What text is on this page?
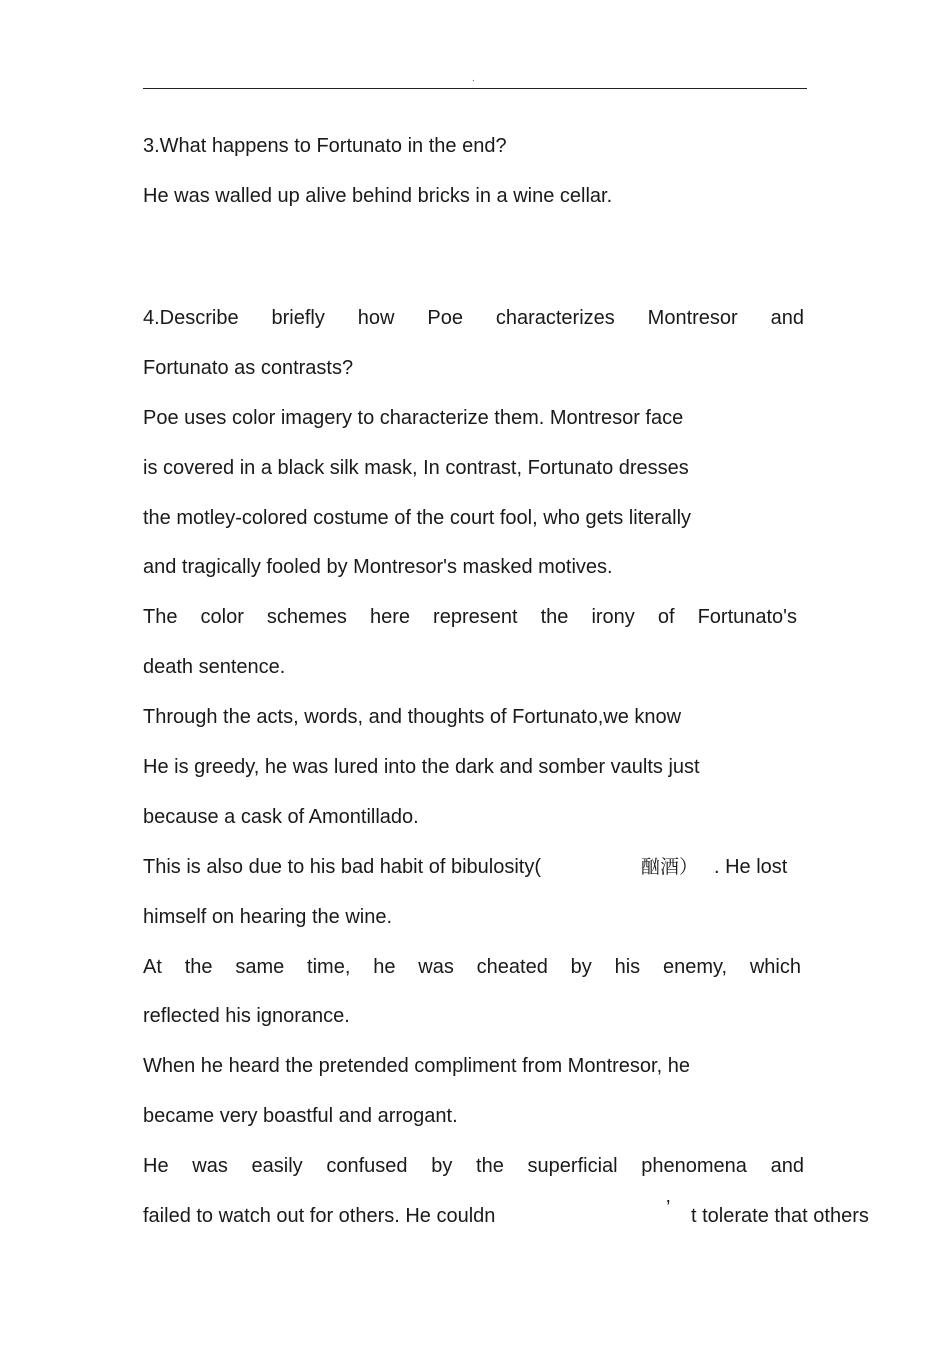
.

3.What happens to Fortunato in the end?

He was walled up alive behind bricks in a wine cellar.

4.Describe briefly how Poe characterizes Montresor and

Fortunato as contrasts?

Poe uses color imagery to characterize them. Montresor face

is covered in a black silk mask, In contrast, Fortunato dresses

the motley-colored costume of the court fool, who gets literally

and tragically fooled by Montresor's masked motives.

The color schemes here represent the irony of Fortunato's

death sentence.

Through the acts, words, and thoughts of Fortunato,we know

He is greedy, he was lured into the dark and somber vaults just

because a cask of Amontillado.

This is also due to his bad habit of bibulosity(	酗酒） . He lost

himself on hearing the wine.

At the same time, he was cheated by his enemy, which

reflected his ignorance.

When he heard the pretended compliment from Montresor, he

became very boastful and arrogant.

He was easily confused by the superficial phenomena and

failed to watch out for others. He couldn	’ t tolerate that others
